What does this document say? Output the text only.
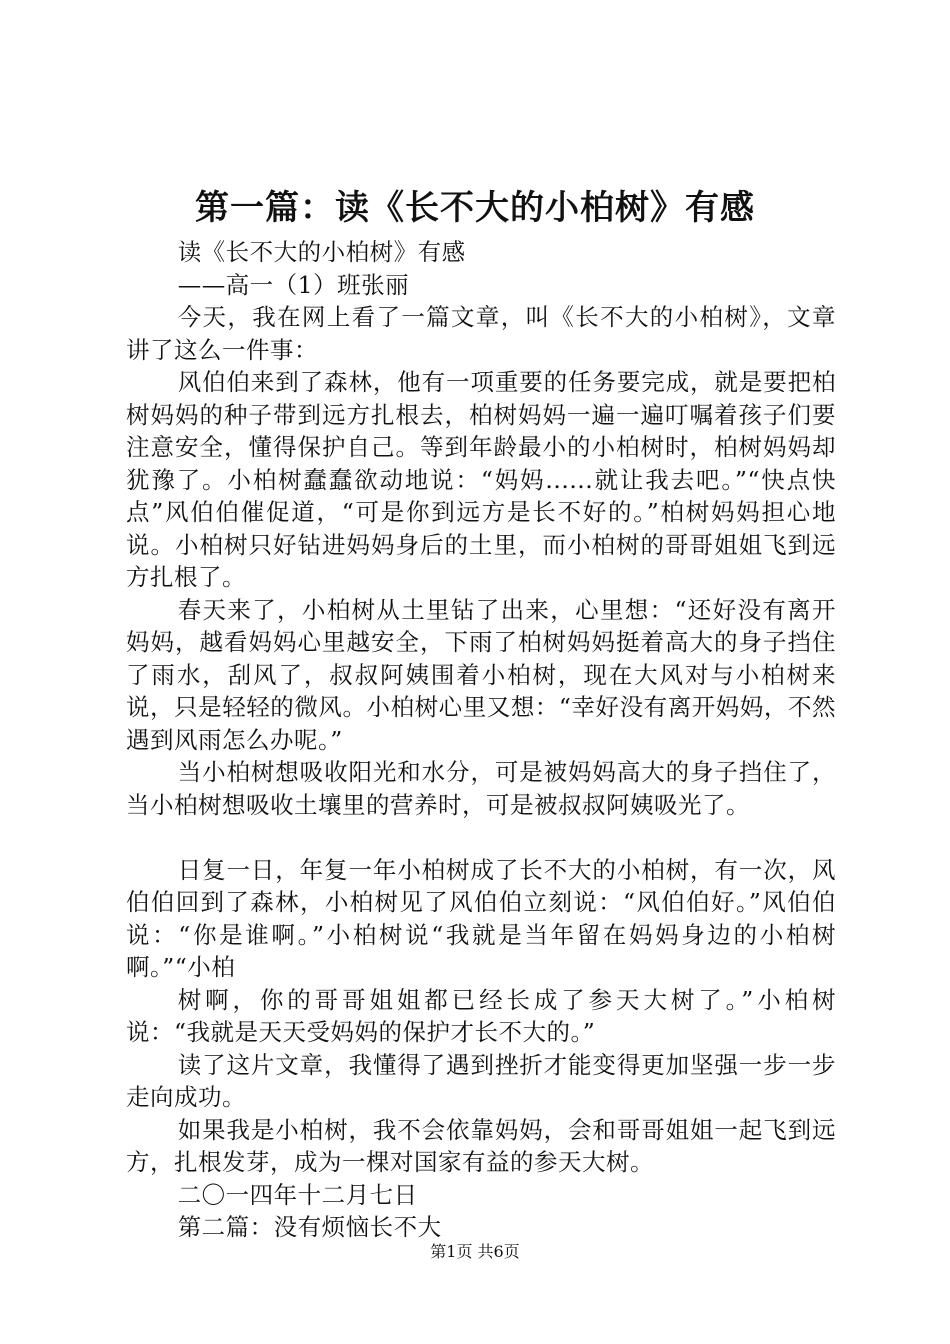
第一篇：读《长不大的小柏树》有感

读《长不大的小柏树》有感

——高一（1）班张丽

今天，我在网上看了一篇文章，叫《长不大的小柏树》，文章讲了这么一件事：

风伯伯来到了森林，他有一项重要的任务要完成，就是要把柏树妈妈的种子带到远方扎根去，柏树妈妈一遍一遍叮嘱着孩子们要注意安全，懂得保护自己。等到年龄最小的小柏树时，柏树妈妈却犹豫了。小柏树蠢蠢欲动地说：“妈妈......就让我去吧。”“快点快点”风伯伯催促道，“可是你到远方是长不好的。”柏树妈妈担心地说。小柏树只好钻进妈妈身后的土里，而小柏树的哥哥姐姐飞到远方扎根了。

春天来了，小柏树从土里钻了出来，心里想：“还好没有离开妈妈，越看妈妈心里越安全，下雨了柏树妈妈挺着高大的身子挡住了雨水，刮风了，叔叔阿姨围着小柏树，现在大风对与小柏树来说，只是轻轻的微风。小柏树心里又想：“幸好没有离开妈妈，不然遇到风雨怎么办呢。”

当小柏树想吸收阳光和水分，可是被妈妈高大的身子挡住了，当小柏树想吸收土壤里的营养时，可是被叔叔阿姨吸光了。

日复一日，年复一年小柏树成了长不大的小柏树，有一次，风伯伯回到了森林，小柏树见了风伯伯立刻说：“风伯伯好。”风伯伯说：“你是谁啊。”小柏树说“我就是当年留在妈妈身边的小柏树啊。”“小柏

树啊，你的哥哥姐姐都已经长成了参天大树了。”小柏树说：“我就是天天受妈妈的保护才长不大的。”

读了这片文章，我懂得了遇到挫折才能变得更加坚强一步一步走向成功。

如果我是小柏树，我不会依靠妈妈，会和哥哥姐姐一起飞到远方，扎根发芽，成为一棵对国家有益的参天大树。

二〇一四年十二月七日

第二篇：没有烦恼长不大

第1页 共6页
